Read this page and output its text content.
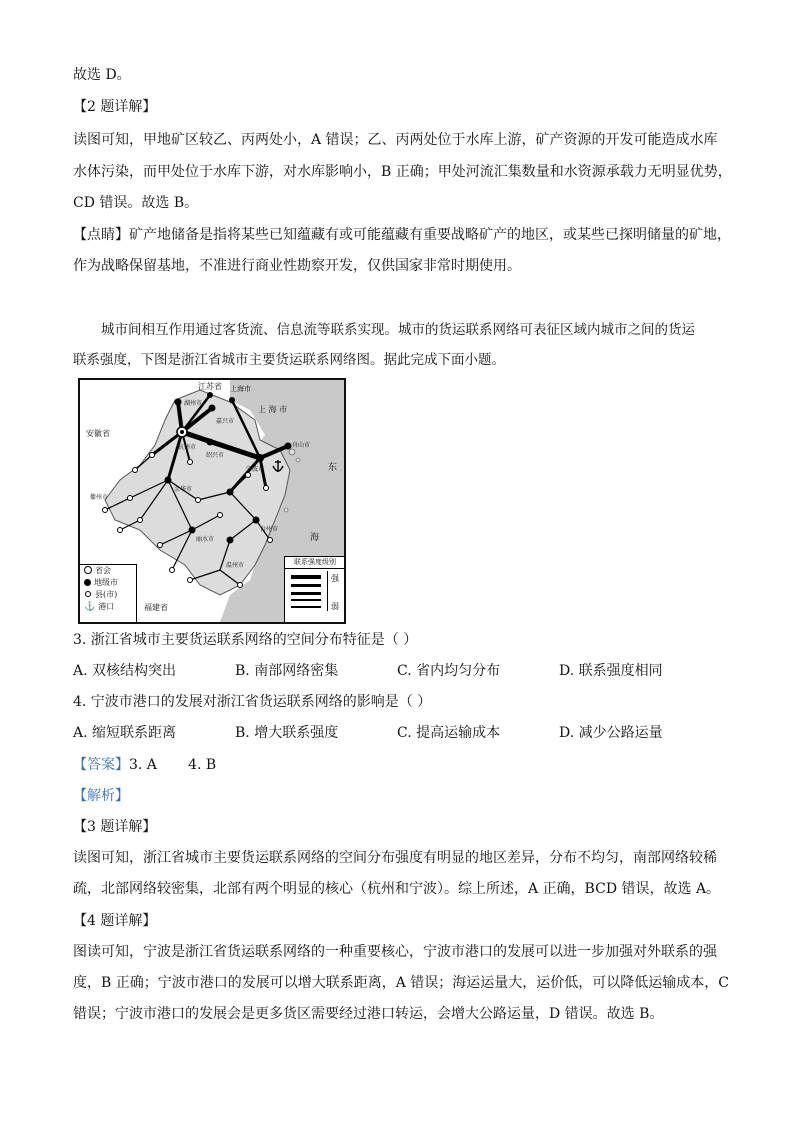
故选 D。
【2 题详解】
读图可知，甲地矿区较乙、丙两处小，A 错误；乙、丙两处位于水库上游，矿产资源的开发可能造成水库
水体污染，而甲处位于水库下游，对水库影响小，B 正确；甲处河流汇集数量和水资源承载力无明显优势，
CD 错误。故选 B。
【点睛】矿产地储备是指将某些已知蕴藏有或可能蕴藏有重要战略矿产的地区，或某些已探明储量的矿地，
作为战略保留基地，不准进行商业性勘察开发，仅供国家非常时期使用。
城市间相互作用通过客货流、信息流等联系实现。城市的货运联系网络可表征区域内城市之间的货运
联系强度，下图是浙江省城市主要货运联系网络图。据此完成下面小题。
江苏省 上海市
上 海 市
湖州市
嘉兴市
安徽省
杭州市
绍兴市
宁波市
舟山市
东
海
衢州市
金华市
台州市
丽水市
温州市
福建省
省会
地级市
县(市)
⚓ 港口
联系强度级别
强
弱
3. 浙江省城市主要货运联系网络的空间分布特征是（ ）
A. 双核结构突出	B. 南部网络密集	C. 省内均匀分布	D. 联系强度相同
4. 宁波市港口的发展对浙江省货运联系网络的影响是（ ）
A. 缩短联系距离	B. 增大联系强度	C. 提高运输成本	D. 减少公路运量
【答案】3. A       4. B
【解析】
【3 题详解】
读图可知，浙江省城市主要货运联系网络的空间分布强度有明显的地区差异，分布不均匀，南部网络较稀
疏，北部网络较密集，北部有两个明显的核心（杭州和宁波）。综上所述，A 正确，BCD 错误，故选 A。
【4 题详解】
图读可知，宁波是浙江省货运联系网络的一种重要核心，宁波市港口的发展可以进一步加强对外联系的强
度，B 正确；宁波市港口的发展可以增大联系距离，A 错误；海运运量大，运价低，可以降低运输成本，C
错误；宁波市港口的发展会是更多货区需要经过港口转运，会增大公路运量，D 错误。故选 B。
